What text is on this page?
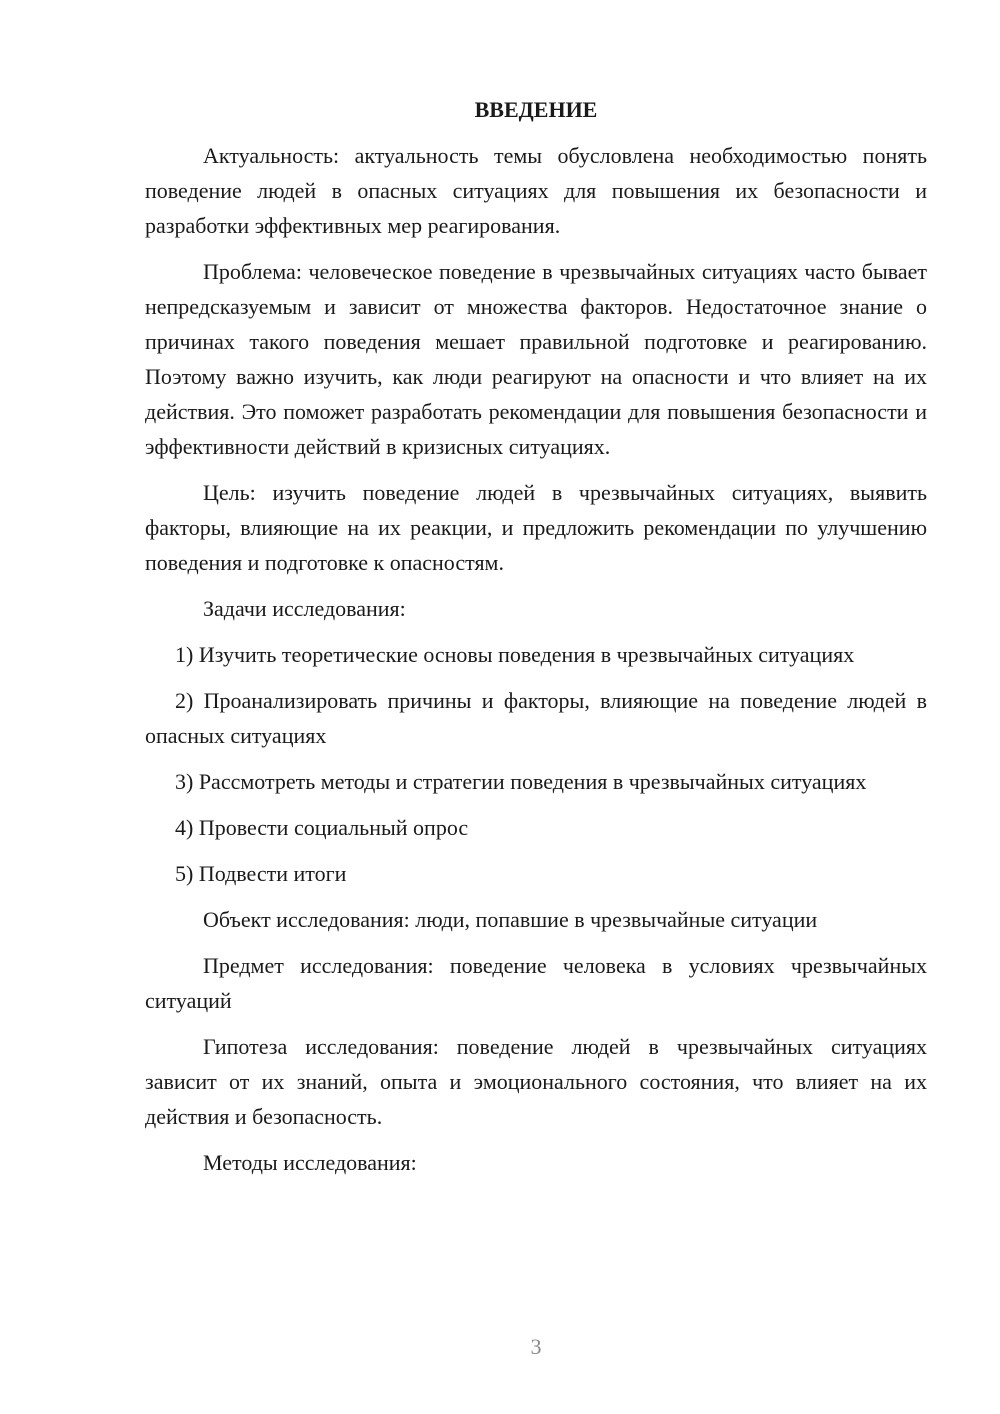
ВВЕДЕНИЕ

Актуальность: актуальность темы обусловлена необходимостью понять поведение людей в опасных ситуациях для повышения их безопасности и разработки эффективных мер реагирования.

Проблема: человеческое поведение в чрезвычайных ситуациях часто бывает непредсказуемым и зависит от множества факторов. Недостаточное знание о причинах такого поведения мешает правильной подготовке и реагированию. Поэтому важно изучить, как люди реагируют на опасности и что влияет на их действия. Это поможет разработать рекомендации для повышения безопасности и эффективности действий в кризисных ситуациях.

Цель: изучить поведение людей в чрезвычайных ситуациях, выявить факторы, влияющие на их реакции, и предложить рекомендации по улучшению поведения и подготовке к опасностям.

Задачи исследования:

1) Изучить теоретические основы поведения в чрезвычайных ситуациях

2) Проанализировать причины и факторы, влияющие на поведение людей в опасных ситуациях

3) Рассмотреть методы и стратегии поведения в чрезвычайных ситуациях

4) Провести социальный опрос

5) Подвести итоги

Объект исследования: люди, попавшие в чрезвычайные ситуации

Предмет исследования: поведение человека в условиях чрезвычайных ситуаций

Гипотеза исследования: поведение людей в чрезвычайных ситуациях зависит от их знаний, опыта и эмоционального состояния, что влияет на их действия и безопасность.

Методы исследования:

3
